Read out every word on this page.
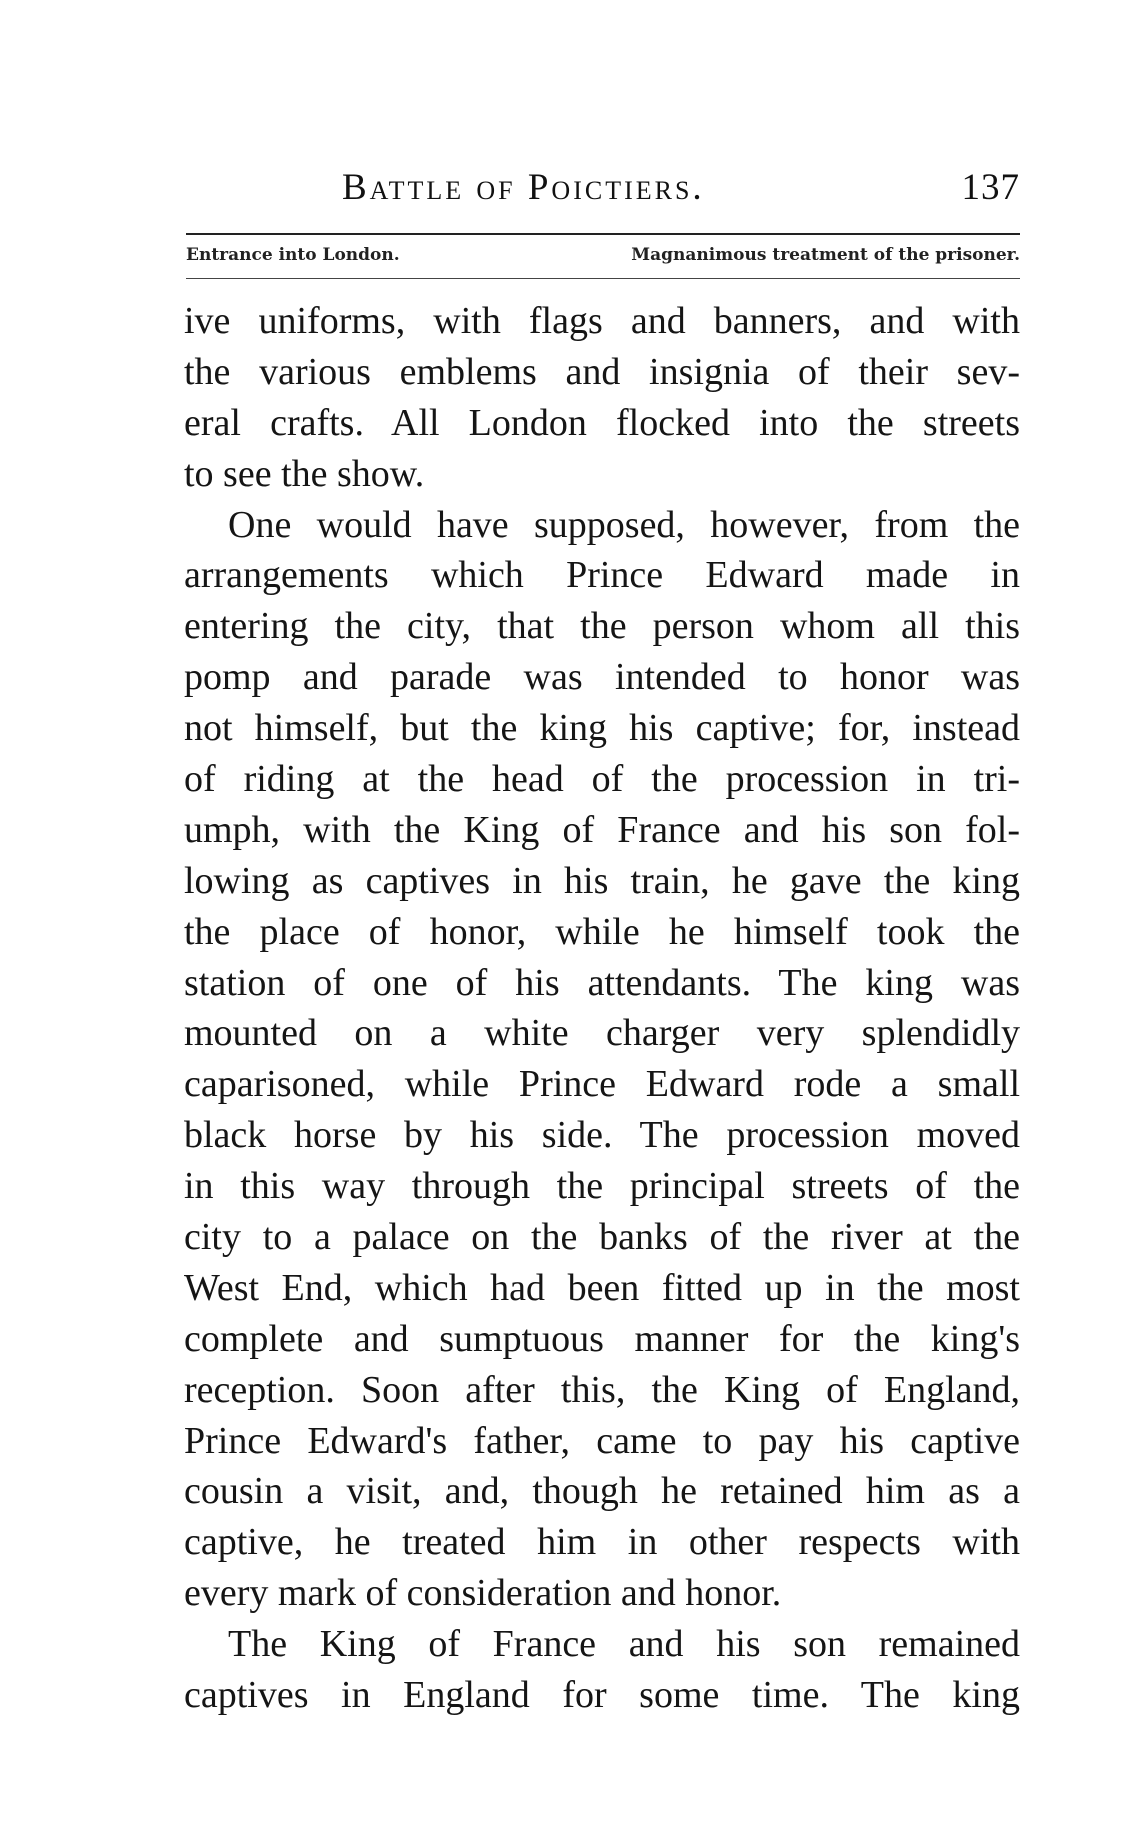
Battle of Poictiers.	137
Entrance into London.	Magnanimous treatment of the prisoner.
ive uniforms, with flags and banners, and with
the various emblems and insignia of their sev-
eral crafts. All London flocked into the streets
to see the show.
One would have supposed, however, from the
arrangements which Prince Edward made in
entering the city, that the person whom all this
pomp and parade was intended to honor was
not himself, but the king his captive; for, instead
of riding at the head of the procession in tri-
umph, with the King of France and his son fol-
lowing as captives in his train, he gave the king
the place of honor, while he himself took the
station of one of his attendants. The king was
mounted on a white charger very splendidly
caparisoned, while Prince Edward rode a small
black horse by his side. The procession moved
in this way through the principal streets of the
city to a palace on the banks of the river at the
West End, which had been fitted up in the most
complete and sumptuous manner for the king's
reception. Soon after this, the King of England,
Prince Edward's father, came to pay his captive
cousin a visit, and, though he retained him as a
captive, he treated him in other respects with
every mark of consideration and honor.
The King of France and his son remained
captives in England for some time. The king
